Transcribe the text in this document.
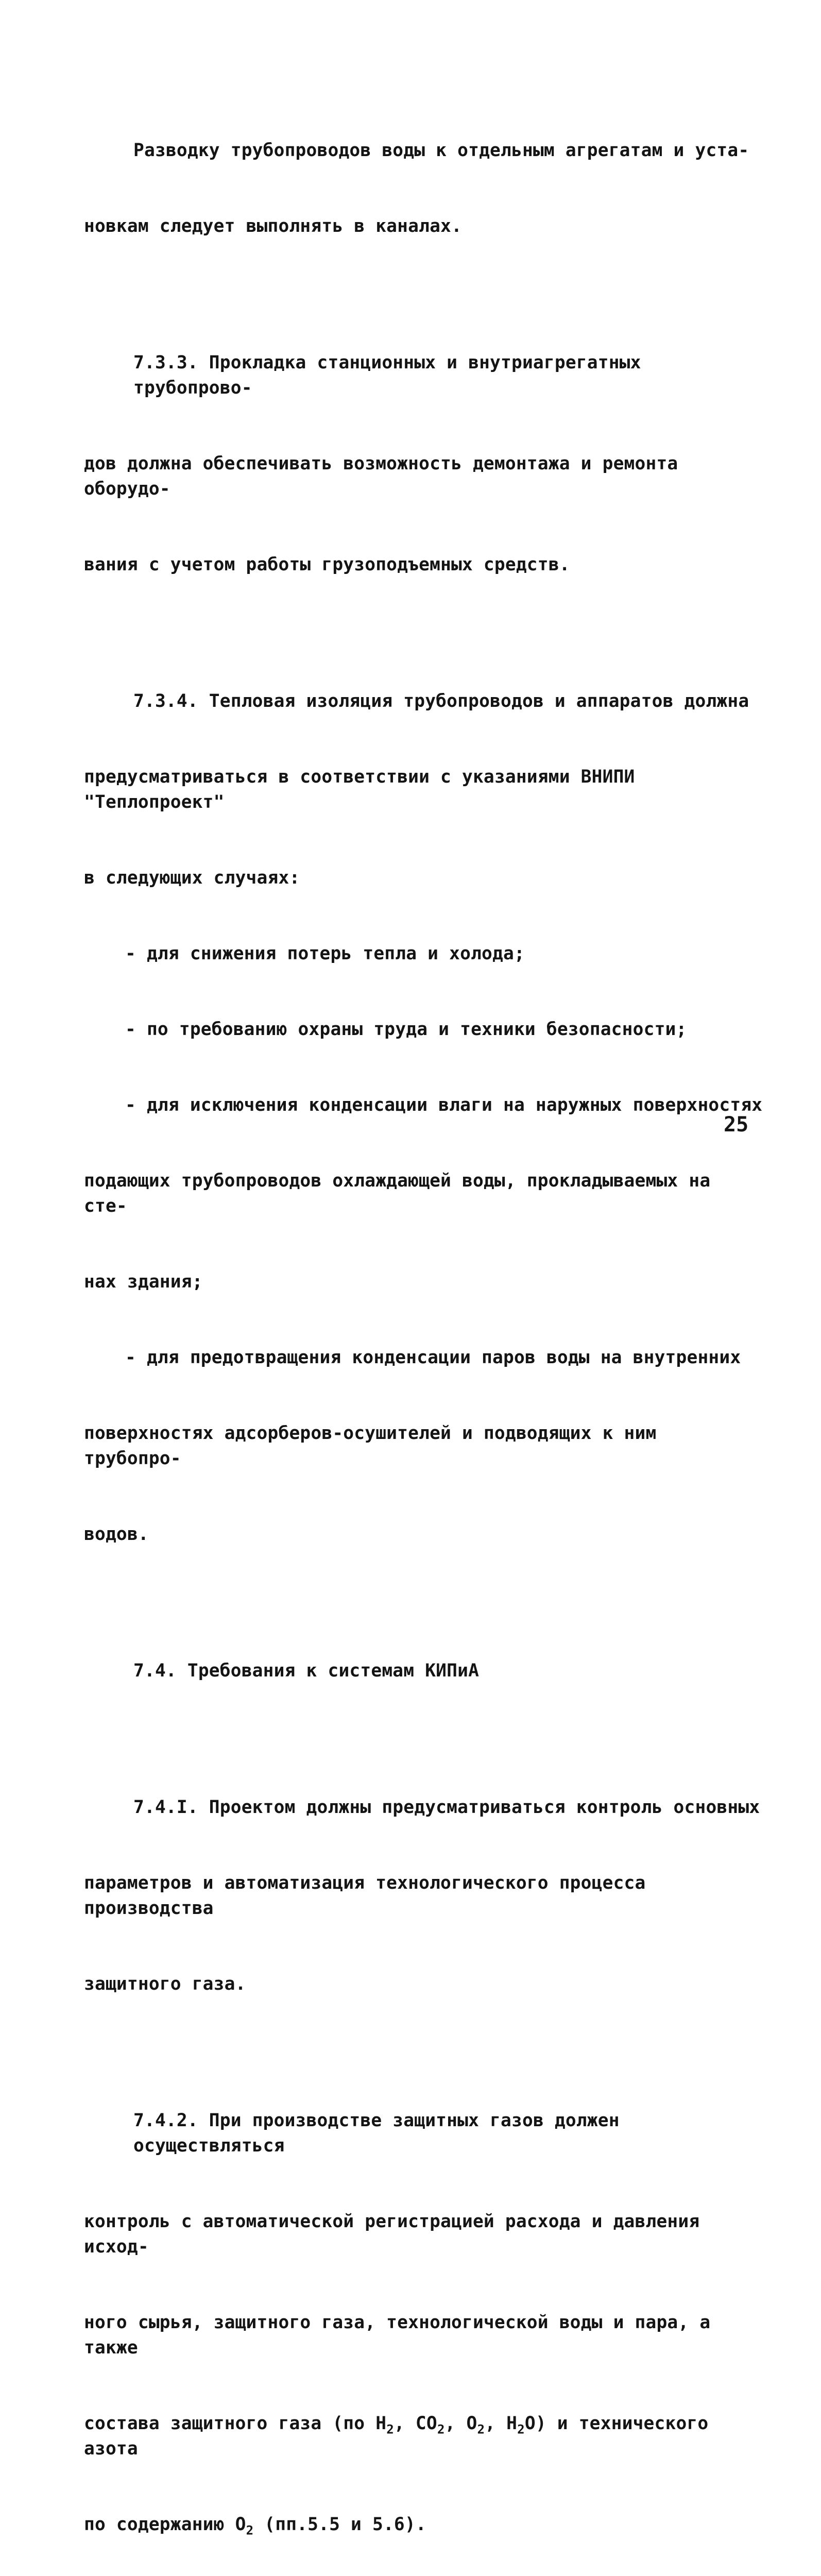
Разводку трубопроводов воды к отдельным агрегатам и уста-

новкам следует выполнять в каналах.

7.3.3. Прокладка станционных и внутриагрегатных трубопрово-

дов должна обеспечивать возможность демонтажа и ремонта оборудо-

вания с учетом работы грузоподъемных средств.

7.3.4. Тепловая изоляция трубопроводов и аппаратов должна

предусматриваться в соответствии с указаниями ВНИПИ "Теплопроект"

в следующих случаях:

- для снижения потерь тепла и холода;

- по требованию охраны труда и техники безопасности;

- для исключения конденсации влаги на наружных поверхностях

подающих трубопроводов охлаждающей воды, прокладываемых на сте-

нах здания;

- для предотвращения конденсации паров воды на внутренних

поверхностях адсорберов-осушителей и подводящих к ним трубопро-

водов.

7.4. Требования к системам КИПиА

7.4.I. Проектом должны предусматриваться контроль основных

параметров и автоматизация технологического процесса производства

защитного газа.

7.4.2. При производстве защитных газов должен осуществляться

контроль с автоматической регистрацией расхода и давления исход-

ного сырья, защитного газа, технологической воды и пара, а также

состава защитного газа (по $H_2$, $CO_2$, $O_2$, $H_2O$) и технического азота

по содержанию $O_2$ (пп.5.5 и 5.6).

25
